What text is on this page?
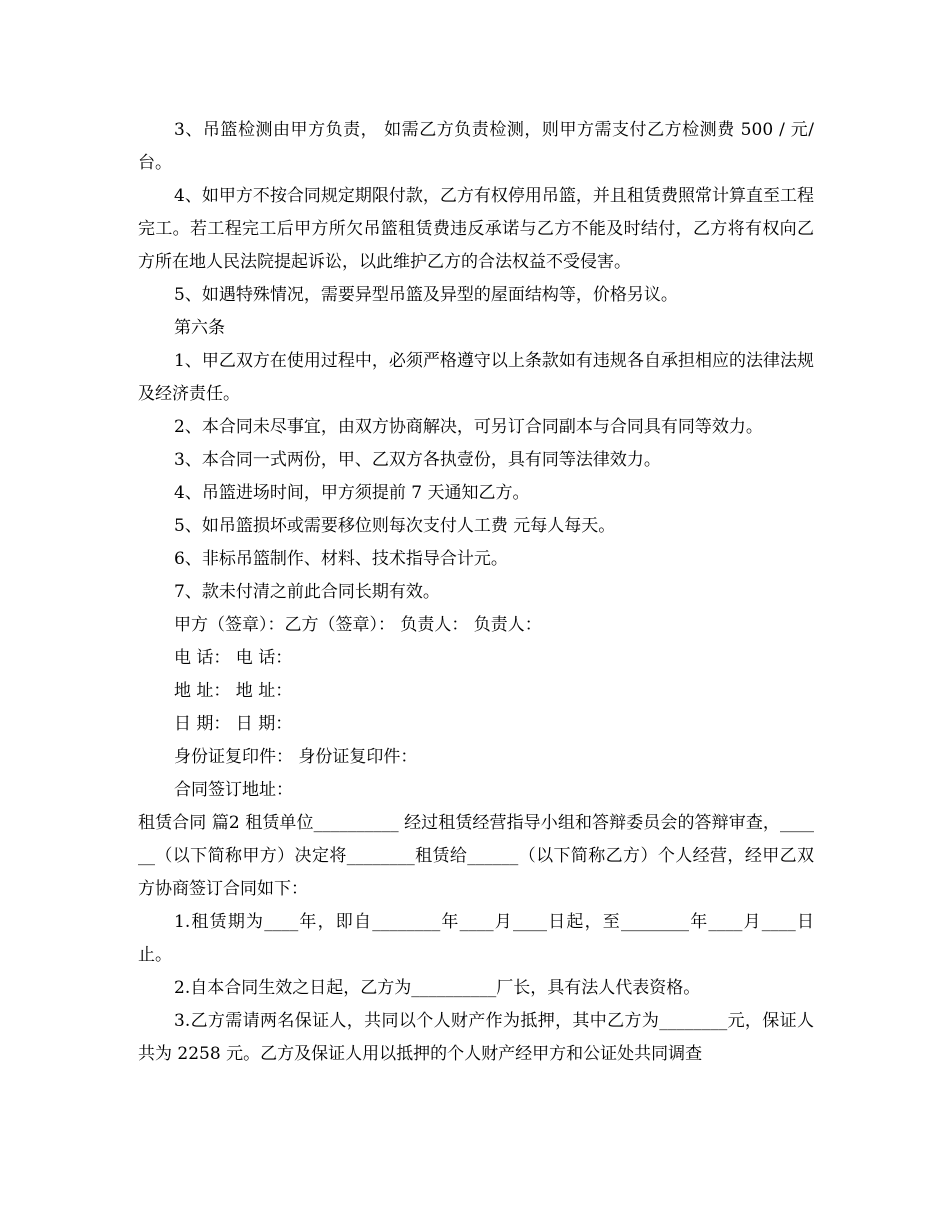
3、吊篮检测由甲方负责， 如需乙方负责检测，则甲方需支付乙方检测费 500 / 元/台。

4、如甲方不按合同规定期限付款，乙方有权停用吊篮，并且租赁费照常计算直至工程完工。若工程完工后甲方所欠吊篮租赁费违反承诺与乙方不能及时结付，乙方将有权向乙方所在地人民法院提起诉讼，以此维护乙方的合法权益不受侵害。

5、如遇特殊情况，需要异型吊篮及异型的屋面结构等，价格另议。

第六条

1、甲乙双方在使用过程中，必须严格遵守以上条款如有违规各自承担相应的法律法规及经济责任。

2、本合同未尽事宜，由双方协商解决，可另订合同副本与合同具有同等效力。

3、本合同一式两份，甲、乙双方各执壹份，具有同等法律效力。

4、吊篮进场时间，甲方须提前 7 天通知乙方。

5、如吊篮损坏或需要移位则每次支付人工费 元每人每天。

6、非标吊篮制作、材料、技术指导合计元。

7、款未付清之前此合同长期有效。

甲方（签章）：乙方（签章）： 负责人： 负责人：

电 话： 电 话：

地 址： 地 址：

日 期： 日 期：

身份证复印件： 身份证复印件：

合同签订地址：

租赁合同 篇2 租赁单位__________ 经过租赁经营指导小组和答辩委员会的答辩审查，______（以下简称甲方）决定将________租赁给______（以下简称乙方）个人经营，经甲乙双方协商签订合同如下：

1.租赁期为____年，即自________年____月____日起，至________年____月____日止。

2.自本合同生效之日起，乙方为__________厂长，具有法人代表资格。

3.乙方需请两名保证人，共同以个人财产作为抵押，其中乙方为________元，保证人共为 2258 元。乙方及保证人用以抵押的个人财产经甲方和公证处共同调查
